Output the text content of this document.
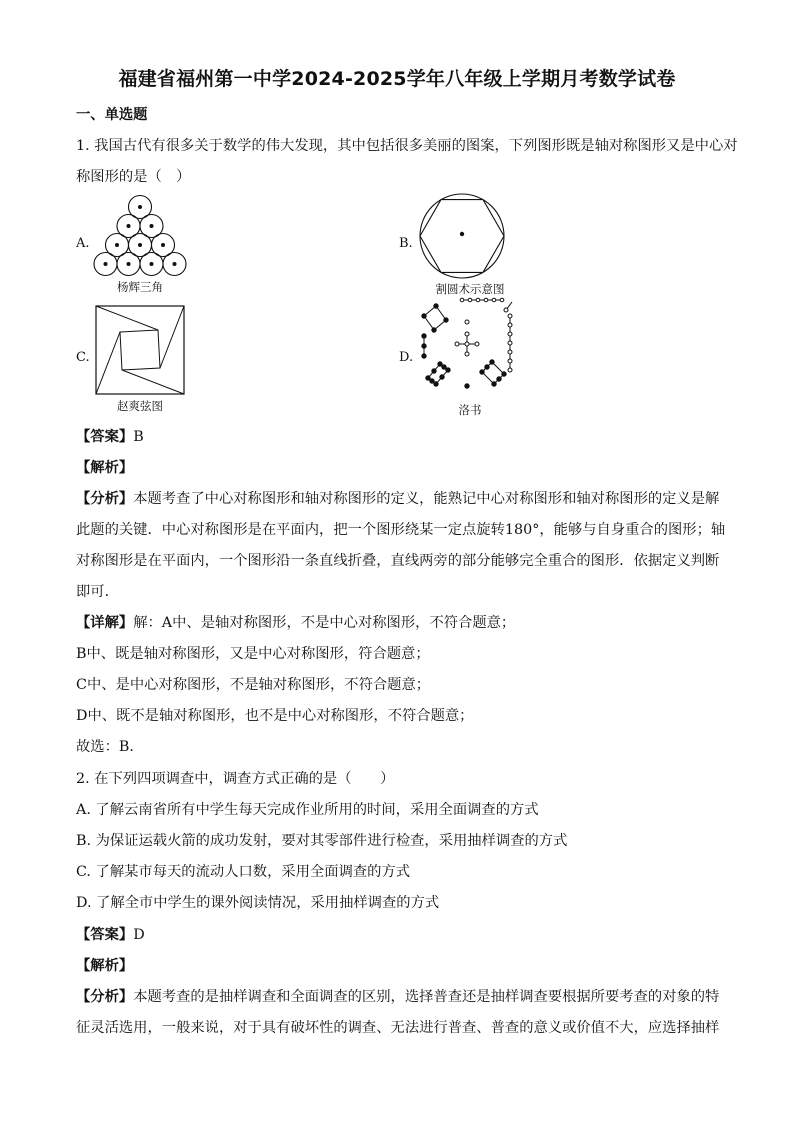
福建省福州第一中学2024-2025学年八年级上学期月考数学试卷
一、单选题
1. 我国古代有很多关于数学的伟大发现，其中包括很多美丽的图案，下列图形既是轴对称图形又是中心对
称图形的是（　）
A.
杨辉三角
B.
割圆术示意图
C.
赵爽弦图
D.
洛书
【答案】B
【解析】
【分析】本题考查了中心对称图形和轴对称图形的定义，能熟记中心对称图形和轴对称图形的定义是解
此题的关键．中心对称图形是在平面内，把一个图形绕某一定点旋转180°，能够与自身重合的图形；轴
对称图形是在平面内，一个图形沿一条直线折叠，直线两旁的部分能够完全重合的图形．依据定义判断
即可．
【详解】解：A中、是轴对称图形，不是中心对称图形，不符合题意；
B中、既是轴对称图形，又是中心对称图形，符合题意；
C中、是中心对称图形，不是轴对称图形，不符合题意；
D中、既不是轴对称图形，也不是中心对称图形，不符合题意；
故选：B．
2. 在下列四项调查中，调查方式正确的是（　　）
A. 了解云南省所有中学生每天完成作业所用的时间，采用全面调查的方式
B. 为保证运载火箭的成功发射，要对其零部件进行检查，采用抽样调查的方式
C. 了解某市每天的流动人口数，采用全面调查的方式
D. 了解全市中学生的课外阅读情况，采用抽样调查的方式
【答案】D
【解析】
【分析】本题考查的是抽样调查和全面调查的区别，选择普查还是抽样调查要根据所要考查的对象的特
征灵活选用，一般来说，对于具有破坏性的调查、无法进行普查、普查的意义或价值不大，应选择抽样
